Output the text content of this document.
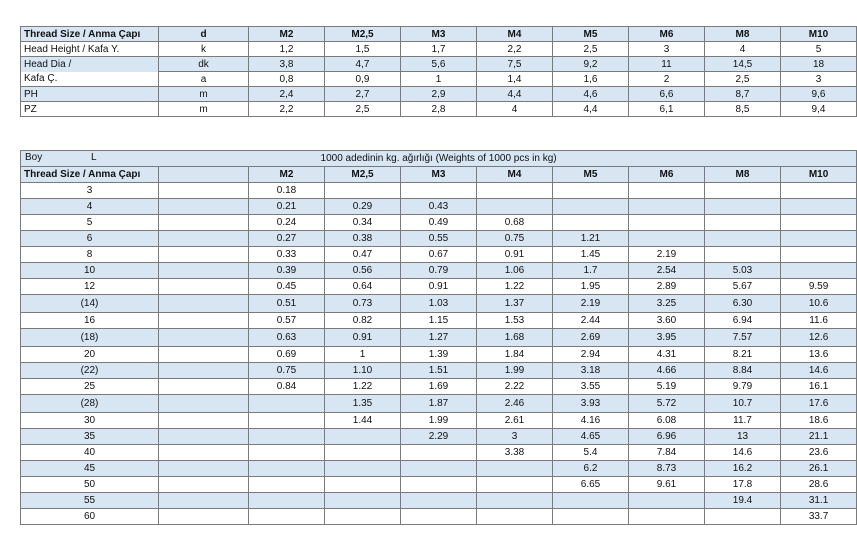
Thread Size / Anma Çapı	d	M2	M2,5	M3	M4	M5	M6	M8	M10
Head Height / Kafa Y.	k	1,2	1,5	1,7	2,2	2,5	3	4	5
Head Dia /	dk	3,8	4,7	5,6	7,5	9,2	11	14,5	18
Kafa Ç.	a	0,8	0,9	1	1,4	1,6	2	2,5	3
PH	m	2,4	2,7	2,9	4,4	4,6	6,6	8,7	9,6
PZ	m	2,2	2,5	2,8	4	4,4	6,1	8,5	9,4
Boy L 1000 adedinin kg. ağırlığı (Weights of 1000 pcs in kg)									
Thread Size / Anma Çapı		M2	M2,5	M3	M4	M5	M6	M8	M10
3		0.18							
4		0.21	0.29	0.43					
5		0.24	0.34	0.49	0.68				
6		0.27	0.38	0.55	0.75	1.21			
8		0.33	0.47	0.67	0.91	1.45	2.19		
10		0.39	0.56	0.79	1.06	1.7	2.54	5.03	
12		0.45	0.64	0.91	1.22	1.95	2.89	5.67	9.59
(14)		0.51	0.73	1.03	1.37	2.19	3.25	6.30	10.6
16		0.57	0.82	1.15	1.53	2.44	3.60	6.94	11.6
(18)		0.63	0.91	1.27	1.68	2.69	3.95	7.57	12.6
20		0.69	1	1.39	1.84	2.94	4.31	8.21	13.6
(22)		0.75	1.10	1.51	1.99	3.18	4.66	8.84	14.6
25		0.84	1.22	1.69	2.22	3.55	5.19	9.79	16.1
(28)			1.35	1.87	2.46	3.93	5.72	10.7	17.6
30			1.44	1.99	2.61	4.16	6.08	11.7	18.6
35				2.29	3	4.65	6.96	13	21.1
40					3.38	5.4	7.84	14.6	23.6
45						6.2	8.73	16.2	26.1
50						6.65	9.61	17.8	28.6
55								19.4	31.1
60									33.7
